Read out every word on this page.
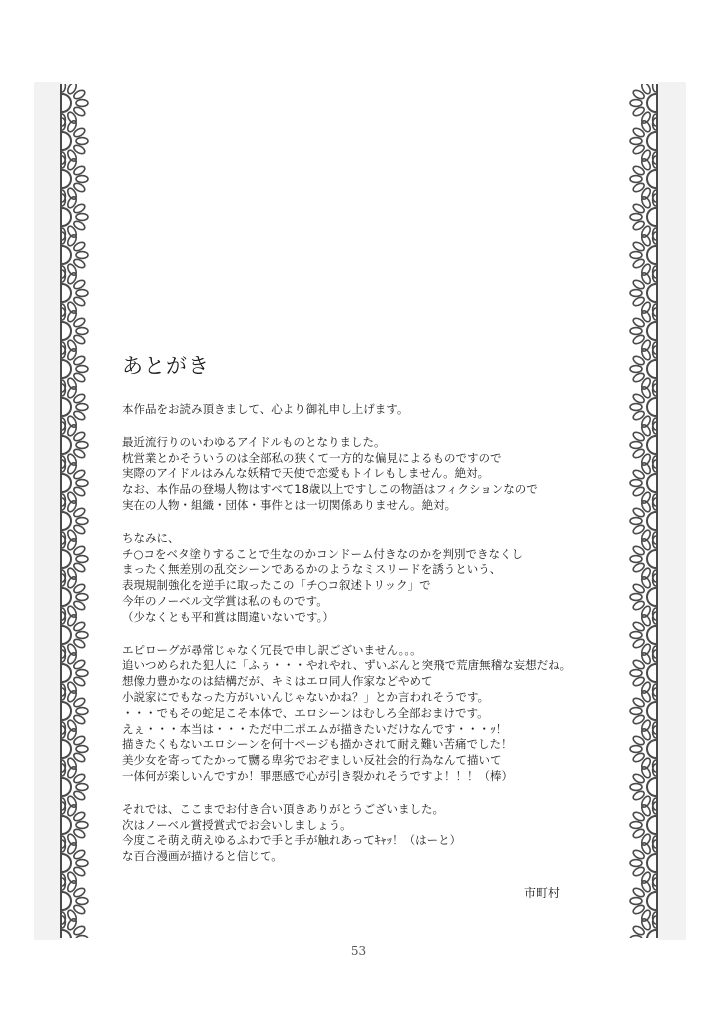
あとがき
本作品をお読み頂きまして、心より御礼申し上げます。
最近流行りのいわゆるアイドルものとなりました。
枕営業とかそういうのは全部私の狭くて一方的な偏見によるものですので
実際のアイドルはみんな妖精で天使で恋愛もトイレもしません。絶対。
なお、本作品の登場人物はすべて18歳以上ですしこの物語はフィクションなので
実在の人物・組織・団体・事件とは一切関係ありません。絶対。
ちなみに、
チ○コをベタ塗りすることで生なのかコンドーム付きなのかを判別できなくし
まったく無差別の乱交シーンであるかのようなミスリードを誘うという、
表現規制強化を逆手に取ったこの「チ○コ叙述トリック」で
今年のノーベル文学賞は私のものです。
（少なくとも平和賞は間違いないです。）
エピローグが尋常じゃなく冗長で申し訳ございません。。。
追いつめられた犯人に「ふぅ・・・やれやれ、ずいぶんと突飛で荒唐無稽な妄想だね。
想像力豊かなのは結構だが、キミはエロ同人作家などやめて
小説家にでもなった方がいいんじゃないかね？」とか言われそうです。
・・・でもその蛇足こそ本体で、エロシーンはむしろ全部おまけです。
えぇ・・・本当は・・・ただ中二ポエムが描きたいだけなんです・・・ｯ！
描きたくもないエロシーンを何十ページも描かされて耐え難い苦痛でした！
美少女を寄ってたかって嬲る卑劣でおぞましい反社会的行為なんて描いて
一体何が楽しいんですか！罪悪感で心が引き裂かれそうですよ！！！（棒）
それでは、ここまでお付き合い頂きありがとうございました。
次はノーベル賞授賞式でお会いしましょう。
今度こそ萌え萌えゆるふわで手と手が触れあってｷｬｯ！（はーと）
な百合漫画が描けると信じて。
市町村
53
